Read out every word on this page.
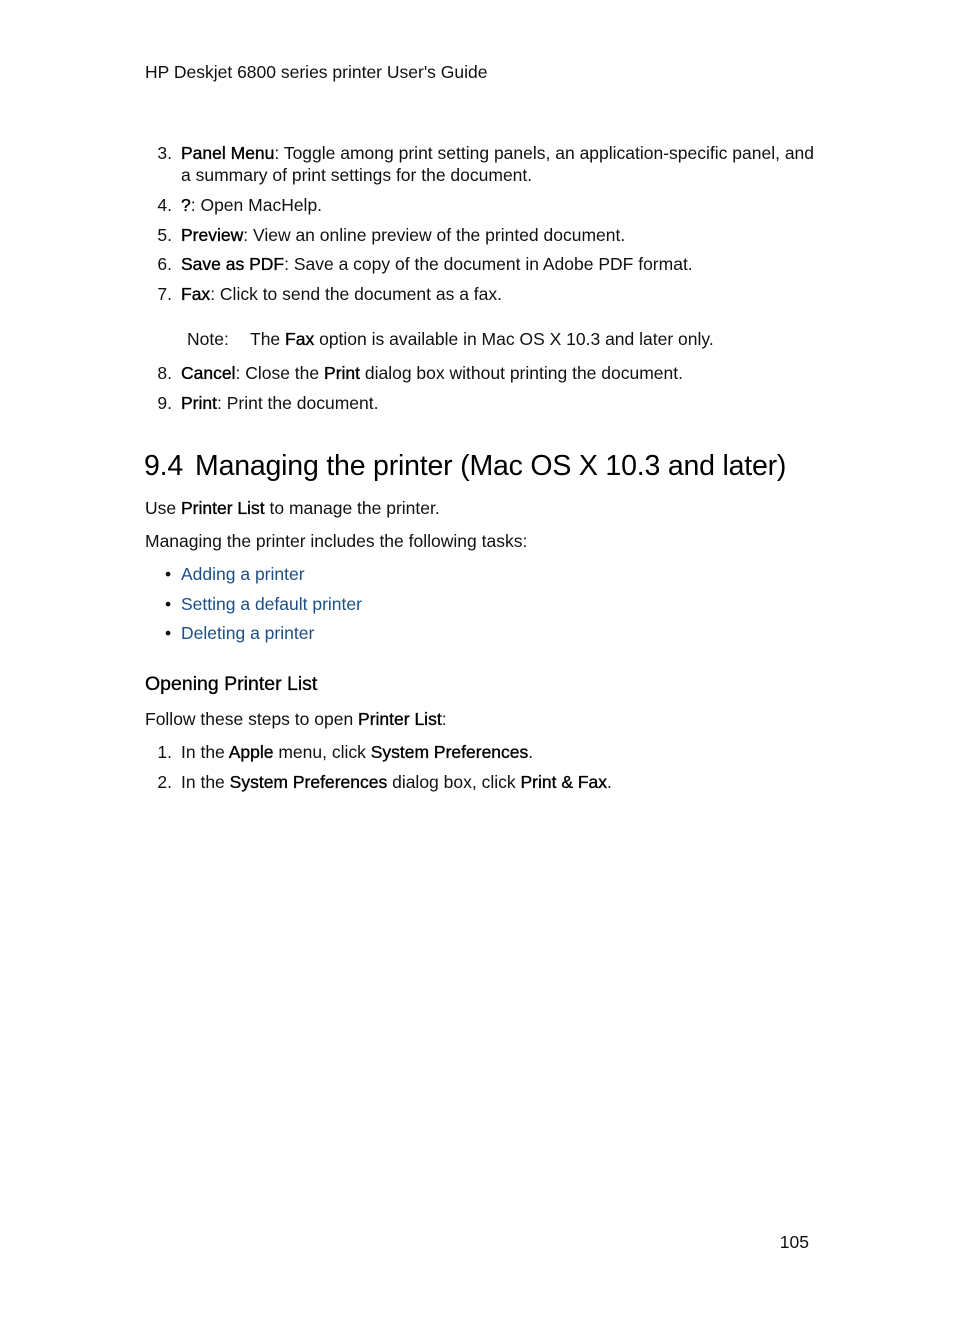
HP Deskjet 6800 series printer User's Guide
3. Panel Menu: Toggle among print setting panels, an application-specific panel, and a summary of print settings for the document.
4. ?: Open MacHelp.
5. Preview: View an online preview of the printed document.
6. Save as PDF: Save a copy of the document in Adobe PDF format.
7. Fax: Click to send the document as a fax.
Note: The Fax option is available in Mac OS X 10.3 and later only.
8. Cancel: Close the Print dialog box without printing the document.
9. Print: Print the document.
9.4 Managing the printer (Mac OS X 10.3 and later)

Use Printer List to manage the printer.

Managing the printer includes the following tasks:

• Adding a printer
• Setting a default printer
• Deleting a printer
Opening Printer List

Follow these steps to open Printer List:

1. In the Apple menu, click System Preferences.
2. In the System Preferences dialog box, click Print & Fax.
105
